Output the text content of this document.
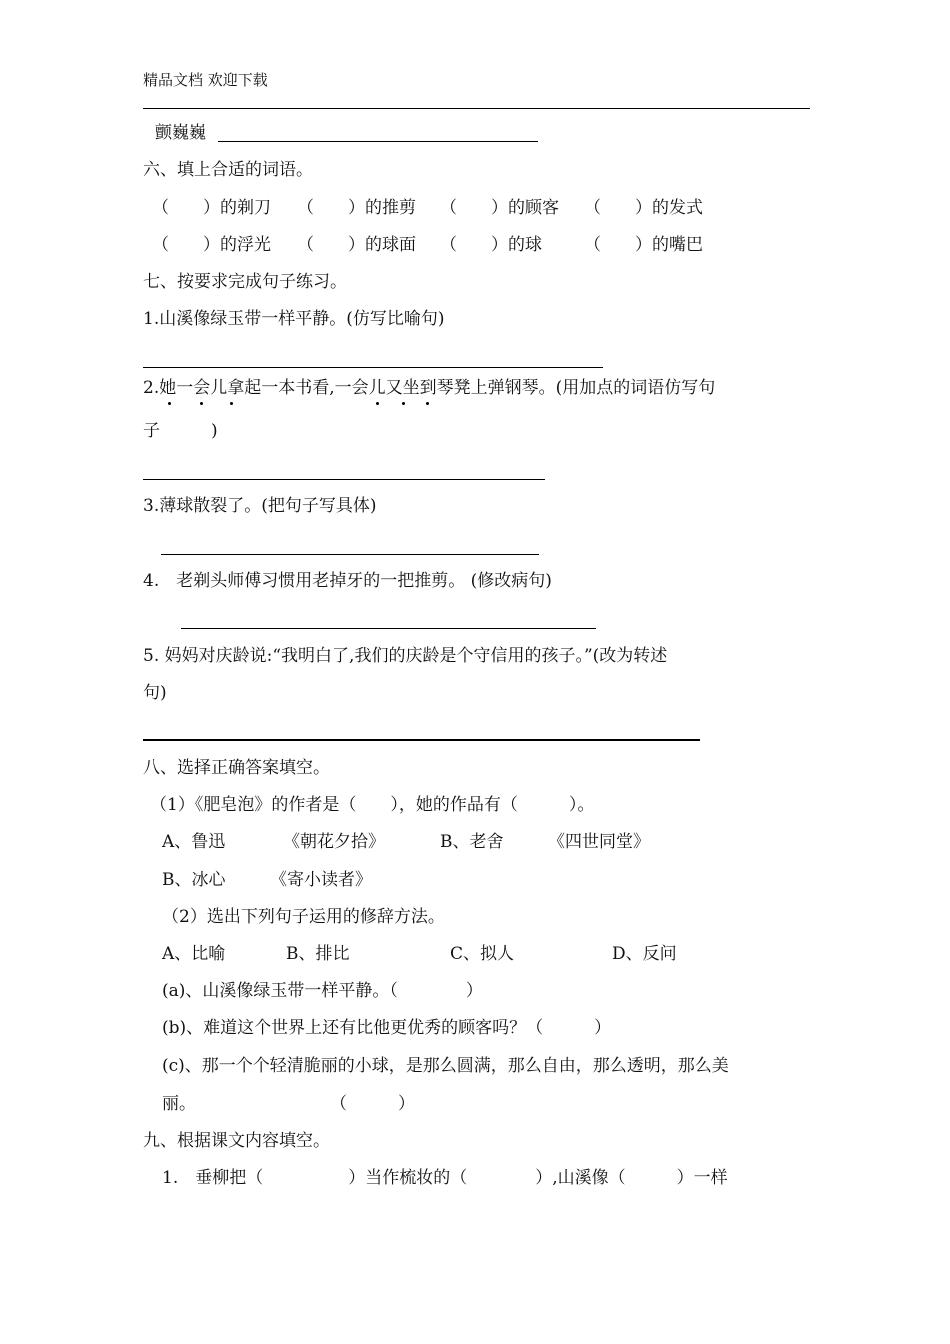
精品文档 欢迎下载
颤巍巍
六、填上合适的词语。
（　　）的剃刀 （　　）的推剪 （　　）的顾客 （　　）的发式
（　　）的浮光 （　　）的球面 （　　）的球 （　　）的嘴巴
七、按要求完成句子练习。
1.山溪像绿玉带一样平静。(仿写比喻句)
2.她一会儿拿起一本书看,一会儿又坐到琴凳上弹钢琴。(用加点的词语仿写句
子　　　)
3.薄球散裂了。(把句子写具体)
4.　老剃头师傅习惯用老掉牙的一把推剪。 (修改病句)
5. 妈妈对庆龄说:“我明白了,我们的庆龄是个守信用的孩子。”(改为转述
句)
八、选择正确答案填空。
（1）《肥皂泡》的作者是（　　），她的作品有（　　　）。
A、鲁迅	《朝花夕拾》	B、老舍	《四世同堂》
B、冰心	《寄小读者》
（2）选出下列句子运用的修辞方法。
A、比喻	B、排比	C、拟人	D、反问
(a)、山溪像绿玉带一样平静。（　　　　）
(b)、难道这个世界上还有比他更优秀的顾客吗？（　　　）
(c)、那一个个轻清脆丽的小球，是那么圆满，那么自由，那么透明，那么美
丽。	（　　　）
九、根据课文内容填空。
1.　垂柳把（　　　　　）当作梳妆的（　　　　）,山溪像（　　　）一样
